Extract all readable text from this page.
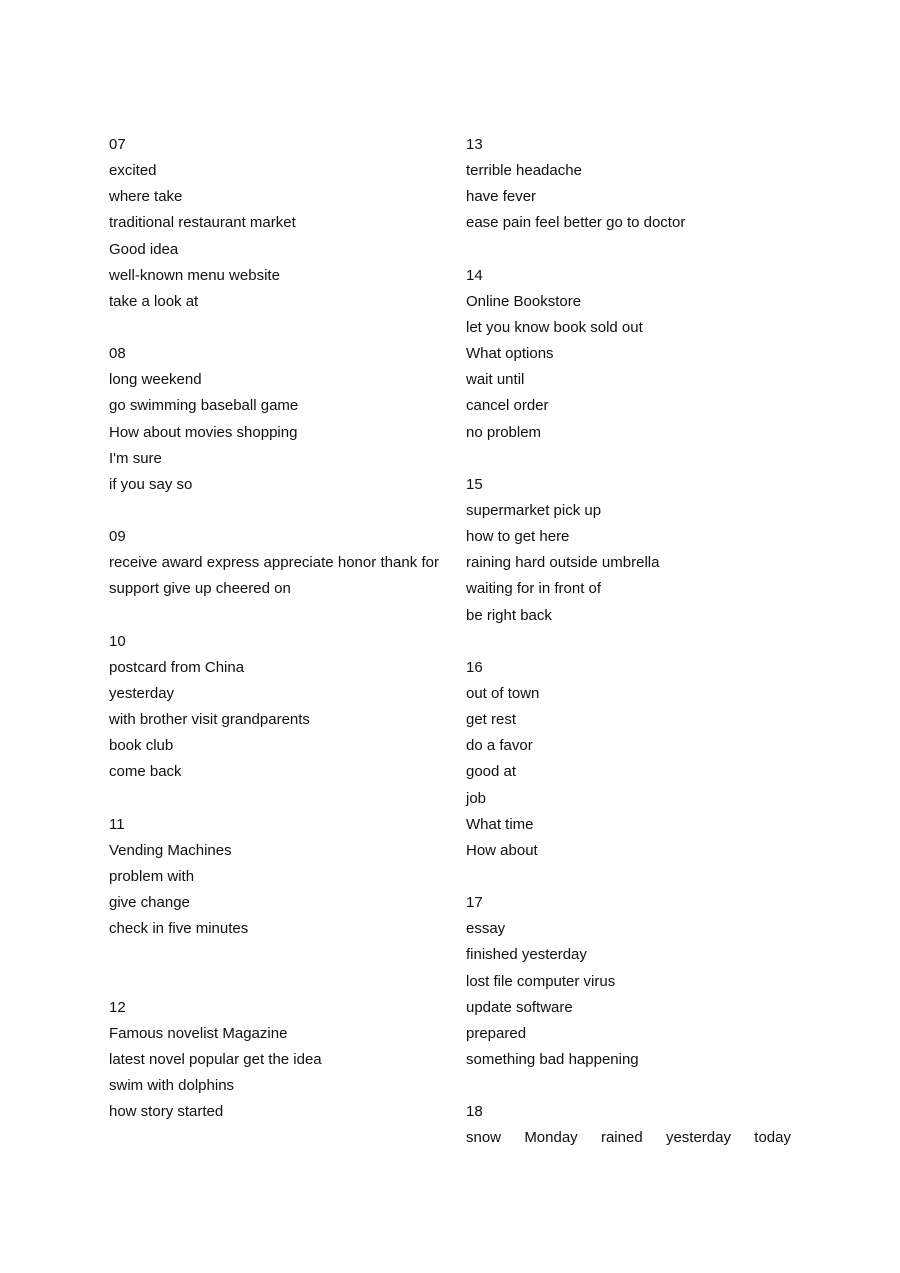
07
excited
where take
traditional restaurant market
Good idea
well-known menu website
take a look at
08
long weekend
go swimming baseball game
How about movies shopping
I'm sure
if you say so
09
receive award express appreciate honor thank for support give up cheered on
10
postcard from China
yesterday
with brother visit grandparents
book club
come back
11
Vending Machines
problem with
give change
check in five minutes
12
Famous novelist Magazine
latest novel popular get the idea
swim with dolphins
how story started
13
terrible headache
have fever
ease pain feel better go to doctor
14
Online Bookstore
let you know book sold out
What options
wait until
cancel order
no problem
15
supermarket pick up
how to get here
raining hard outside umbrella
waiting for in front of
be right back
16
out of town
get rest
do a favor
good at
job
What time
How about
17
essay
finished yesterday
lost file computer virus
update software
prepared
something bad happening
18
snow Monday rained yesterday today
